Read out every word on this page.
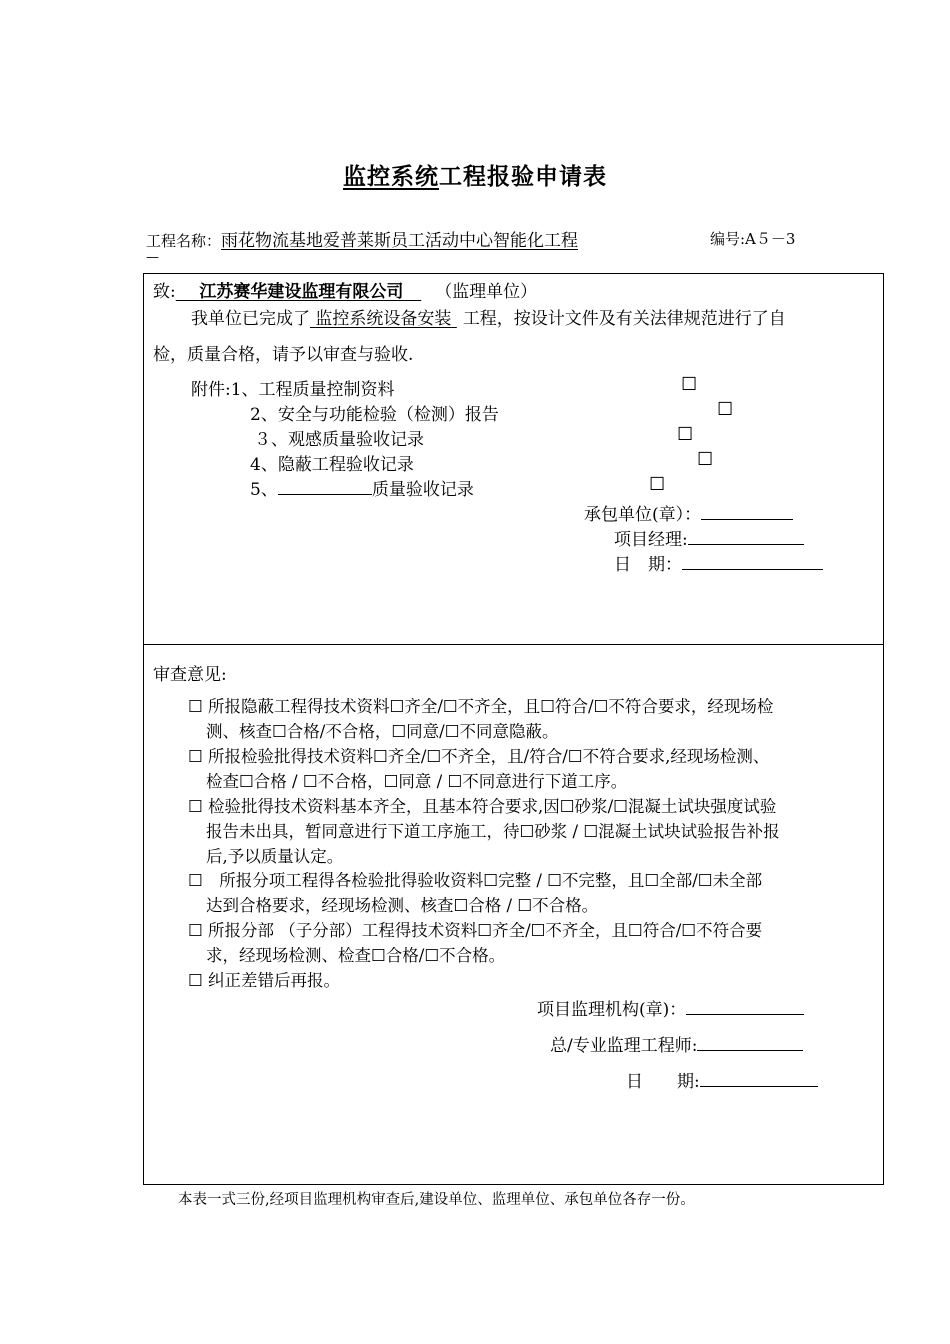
监控系统工程报验申请表
工程名称：雨花物流基地爱普莱斯员工活动中心智能化工程	编号:A５－3
—
致: 江苏赛华建设监理有限公司 （监理单位）
我单位已完成了 监控系统设备安装 工程，按设计文件及有关法律规范进行了自
检，质量合格，请予以审查与验收.
附件:1、工程质量控制资料	☐
2、安全与功能检验（检测）报告	☐
３、观感质量验收记录	☐
4、隐蔽工程验收记录	☐
5、	质量验收记录	☐
承包单位(章）：
项目经理:
日　期：
审查意见:
☐ 所报隐蔽工程得技术资料☐齐全/☐不齐全，且☐符合/☐不符合要求，经现场检
测、核查☐合格/不合格，☐同意/☐不同意隐蔽。
☐ 所报检验批得技术资料☐齐全/☐不齐全，且/符合/☐不符合要求,经现场检测、
检查☐合格 / ☐不合格，☐同意 / ☐不同意进行下道工序。
☐ 检验批得技术资料基本齐全，且基本符合要求,因☐砂浆/☐混凝土试块强度试验
报告未出具，暂同意进行下道工序施工，待☐砂浆 / ☐混凝土试块试验报告补报
后,予以质量认定。
☐　所报分项工程得各检验批得验收资料☐完整 / ☐不完整，且☐全部/☐未全部
达到合格要求，经现场检测、核查☐合格 / ☐不合格。
☐ 所报分部 （子分部）工程得技术资料☐齐全/☐不齐全，且☐符合/☐不符合要
求，经现场检测、检查☐合格/☐不合格。
☐ 纠正差错后再报。
项目监理机构(章)：
总/专业监理工程师:
日　　期:
本表一式三份,经项目监理机构审查后,建设单位、监理单位、承包单位各存一份。
